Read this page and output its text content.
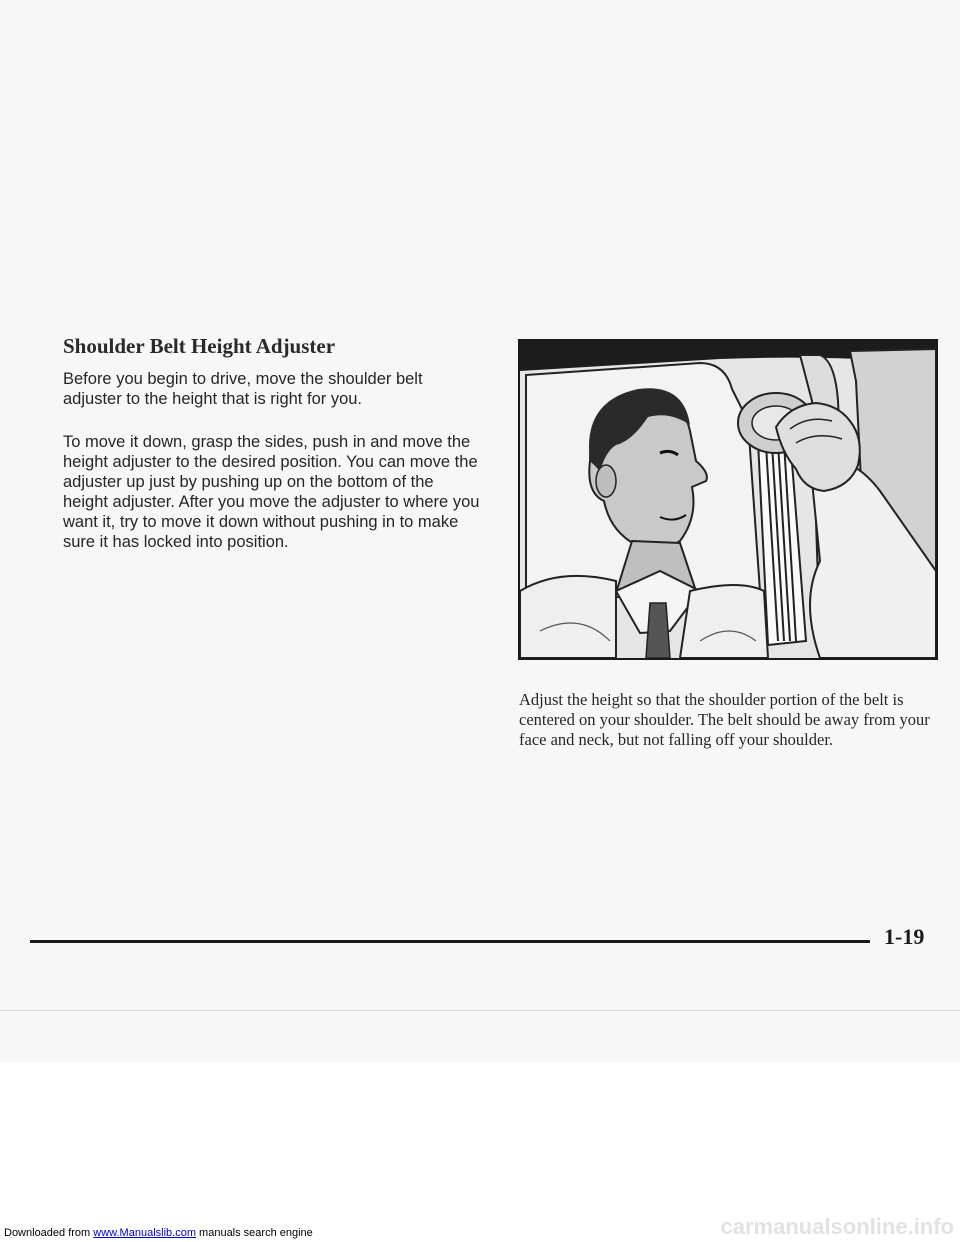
Shoulder Belt Height Adjuster

Before you begin to drive, move the shoulder belt adjuster to the height that is right for you.

To move it down, grasp the sides, push in and move the height adjuster to the desired position. You can move the adjuster up just by pushing up on the bottom of the height adjuster. After you move the adjuster to where you want it, try to move it down without pushing in to make sure it has locked into position.

Adjust the height so that the shoulder portion of the belt is centered on your shoulder. The belt should be away from your face and neck, but not falling off your shoulder.

1-19

Downloaded from www.Manualslib.com manuals search engine	carmanualsonline.info
